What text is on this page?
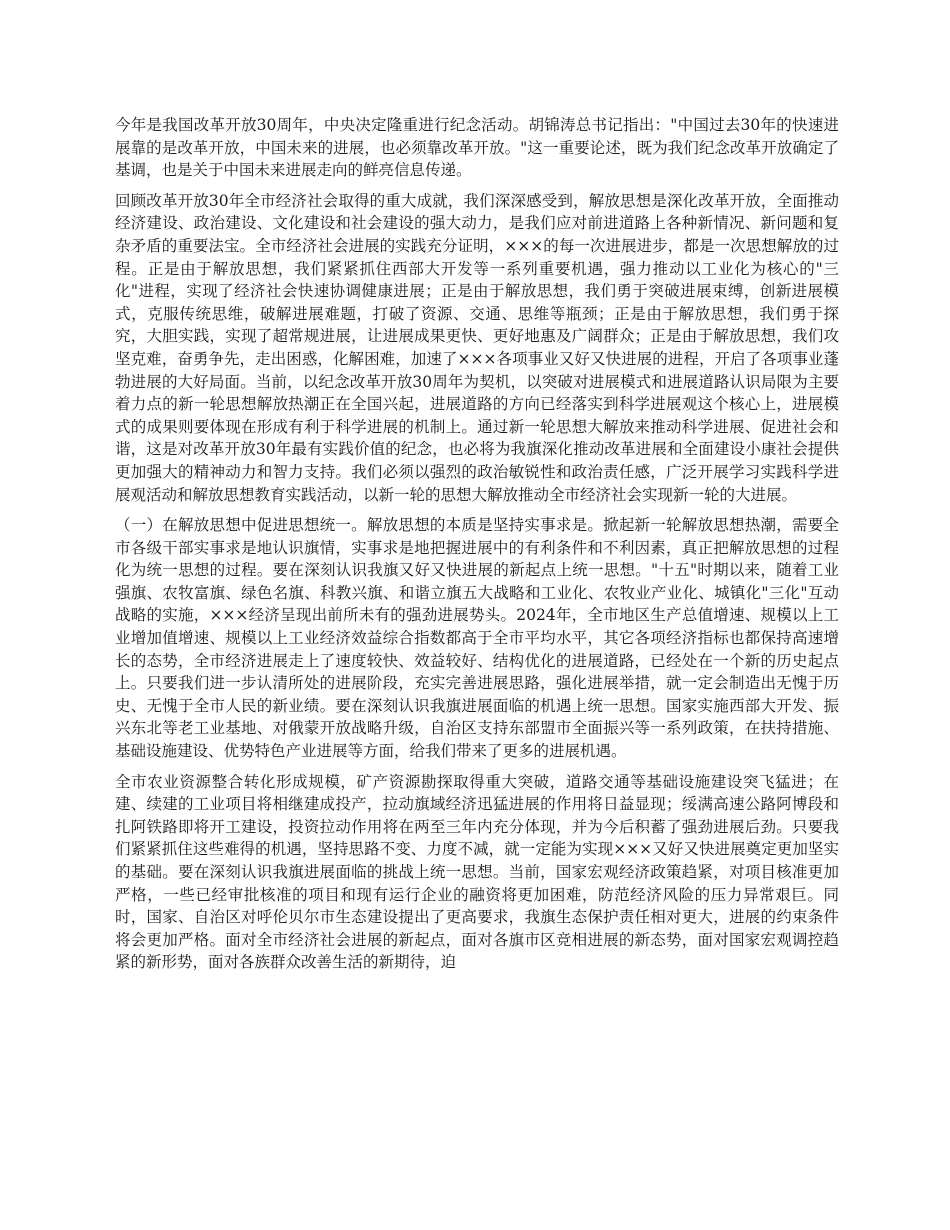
今年是我国改革开放30周年，中央决定隆重进行纪念活动。胡锦涛总书记指出："中国过去30年的快速进展靠的是改革开放，中国未来的进展，也必须靠改革开放。"这一重要论述，既为我们纪念改革开放确定了基调，也是关于中国未来进展走向的鲜亮信息传递。

回顾改革开放30年全市经济社会取得的重大成就，我们深深感受到，解放思想是深化改革开放，全面推动经济建设、政治建设、文化建设和社会建设的强大动力，是我们应对前进道路上各种新情况、新问题和复杂矛盾的重要法宝。全市经济社会进展的实践充分证明，×××的每一次进展进步，都是一次思想解放的过程。正是由于解放思想，我们紧紧抓住西部大开发等一系列重要机遇，强力推动以工业化为核心的"三化"进程，实现了经济社会快速协调健康进展；正是由于解放思想，我们勇于突破进展束缚，创新进展模式，克服传统思维，破解进展难题，打破了资源、交通、思维等瓶颈；正是由于解放思想，我们勇于探究，大胆实践，实现了超常规进展，让进展成果更快、更好地惠及广阔群众；正是由于解放思想，我们攻坚克难，奋勇争先，走出困惑，化解困难，加速了×××各项事业又好又快进展的进程，开启了各项事业蓬勃进展的大好局面。当前，以纪念改革开放30周年为契机，以突破对进展模式和进展道路认识局限为主要着力点的新一轮思想解放热潮正在全国兴起，进展道路的方向已经落实到科学进展观这个核心上，进展模式的成果则要体现在形成有利于科学进展的机制上。通过新一轮思想大解放来推动科学进展、促进社会和谐，这是对改革开放30年最有实践价值的纪念，也必将为我旗深化推动改革进展和全面建设小康社会提供更加强大的精神动力和智力支持。我们必须以强烈的政治敏锐性和政治责任感，广泛开展学习实践科学进展观活动和解放思想教育实践活动，以新一轮的思想大解放推动全市经济社会实现新一轮的大进展。

（一）在解放思想中促进思想统一。解放思想的本质是坚持实事求是。掀起新一轮解放思想热潮，需要全市各级干部实事求是地认识旗情，实事求是地把握进展中的有利条件和不利因素，真正把解放思想的过程化为统一思想的过程。要在深刻认识我旗又好又快进展的新起点上统一思想。"十五"时期以来，随着工业强旗、农牧富旗、绿色名旗、科教兴旗、和谐立旗五大战略和工业化、农牧业产业化、城镇化"三化"互动战略的实施，×××经济呈现出前所未有的强劲进展势头。2024年，全市地区生产总值增速、规模以上工业增加值增速、规模以上工业经济效益综合指数都高于全市平均水平，其它各项经济指标也都保持高速增长的态势，全市经济进展走上了速度较快、效益较好、结构优化的进展道路，已经处在一个新的历史起点上。只要我们进一步认清所处的进展阶段，充实完善进展思路，强化进展举措，就一定会制造出无愧于历史、无愧于全市人民的新业绩。要在深刻认识我旗进展面临的机遇上统一思想。国家实施西部大开发、振兴东北等老工业基地、对俄蒙开放战略升级，自治区支持东部盟市全面振兴等一系列政策，在扶持措施、基础设施建设、优势特色产业进展等方面，给我们带来了更多的进展机遇。

全市农业资源整合转化形成规模，矿产资源勘探取得重大突破，道路交通等基础设施建设突飞猛进；在建、续建的工业项目将相继建成投产，拉动旗域经济迅猛进展的作用将日益显现；绥满高速公路阿博段和扎阿铁路即将开工建设，投资拉动作用将在两至三年内充分体现，并为今后积蓄了强劲进展后劲。只要我们紧紧抓住这些难得的机遇，坚持思路不变、力度不减，就一定能为实现×××又好又快进展奠定更加坚实的基础。要在深刻认识我旗进展面临的挑战上统一思想。当前，国家宏观经济政策趋紧，对项目核准更加严格，一些已经审批核准的项目和现有运行企业的融资将更加困难，防范经济风险的压力异常艰巨。同时，国家、自治区对呼伦贝尔市生态建设提出了更高要求，我旗生态保护责任相对更大，进展的约束条件将会更加严格。面对全市经济社会进展的新起点，面对各旗市区竞相进展的新态势，面对国家宏观调控趋紧的新形势，面对各族群众改善生活的新期待，迫
